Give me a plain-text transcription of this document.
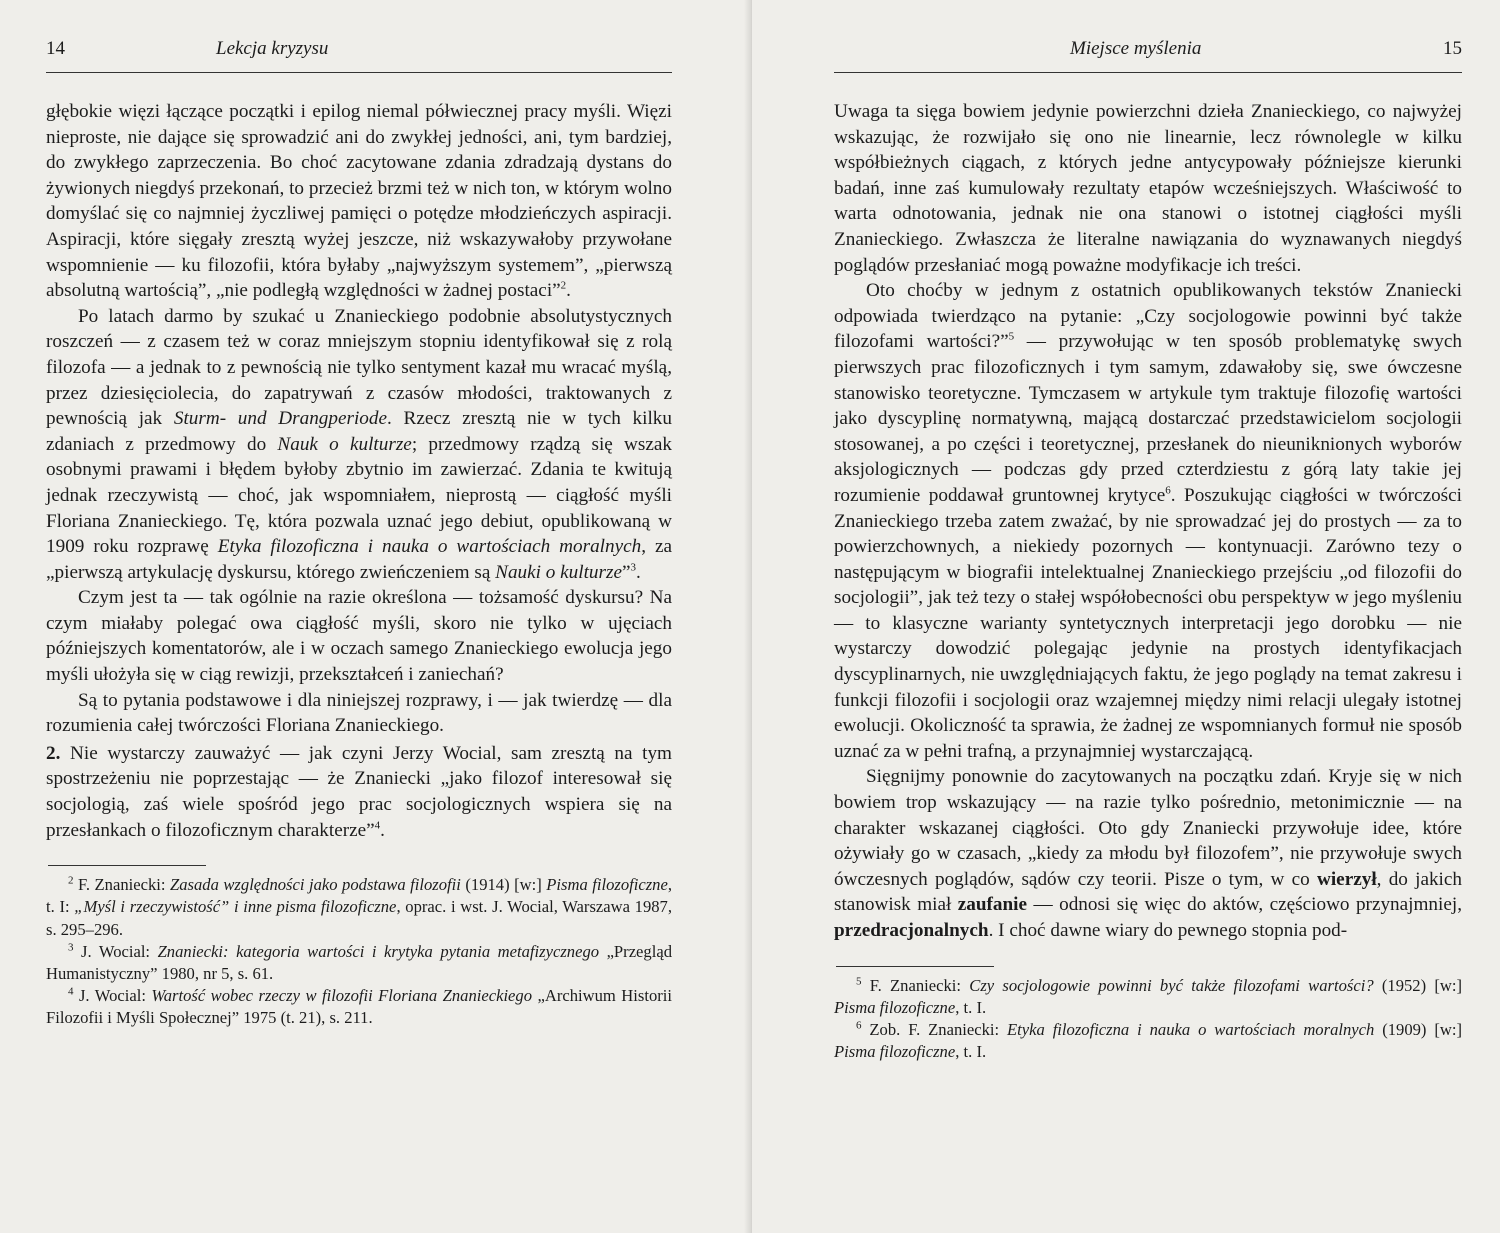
14	Lekcja kryzysu

głębokie więzi łączące początki i epilog niemal półwiecznej pracy myśli. Więzi nieproste, nie dające się sprowadzić ani do zwykłej jedności, ani, tym bardziej, do zwykłego zaprzeczenia. Bo choć zacytowane zdania zdradzają dystans do żywionych niegdyś przekonań, to przecież brzmi też w nich ton, w którym wolno domyślać się co najmniej życzliwej pamięci o potędze młodzieńczych aspiracji. Aspiracji, które sięgały zresztą wyżej jeszcze, niż wskazywałoby przywołane wspomnienie — ku filozofii, która byłaby „najwyższym systemem”, „pierwszą absolutną wartością”, „nie podległą względności w żadnej postaci”$^2$.

Po latach darmo by szukać u Znanieckiego podobnie absolutystycznych roszczeń — z czasem też w coraz mniejszym stopniu identyfikował się z rolą filozofa — a jednak to z pewnością nie tylko sentyment kazał mu wracać myślą, przez dziesięciolecia, do zapatrywań z czasów młodości, traktowanych z pewnością jak Sturm- und Drangperiode. Rzecz zresztą nie w tych kilku zdaniach z przedmowy do Nauk o kulturze; przedmowy rządzą się wszak osobnymi prawami i błędem byłoby zbytnio im zawierzać. Zdania te kwitują jednak rzeczywistą — choć, jak wspomniałem, nieprostą — ciągłość myśli Floriana Znanieckiego. Tę, która pozwala uznać jego debiut, opublikowaną w 1909 roku rozprawę Etyka filozoficzna i nauka o wartościach moralnych, za „pierwszą artykulację dyskursu, którego zwieńczeniem są Nauki o kulturze”$^3$.

Czym jest ta — tak ogólnie na razie określona — tożsamość dyskursu? Na czym miałaby polegać owa ciągłość myśli, skoro nie tylko w ujęciach późniejszych komentatorów, ale i w oczach samego Znanieckiego ewolucja jego myśli ułożyła się w ciąg rewizji, przekształceń i zaniechań?

Są to pytania podstawowe i dla niniejszej rozprawy, i — jak twierdzę — dla rozumienia całej twórczości Floriana Znanieckiego.

2. Nie wystarczy zauważyć — jak czyni Jerzy Wocial, sam zresztą na tym spostrzeżeniu nie poprzestając — że Znaniecki „jako filozof interesował się socjologią, zaś wiele spośród jego prac socjologicznych wspiera się na przesłankach o filozoficznym charakterze”$^4$.

$^2$ F. Znaniecki: Zasada względności jako podstawa filozofii (1914) [w:] Pisma filozoficzne, t. I: „Myśl i rzeczywistość” i inne pisma filozoficzne, oprac. i wst. J. Wocial, Warszawa 1987, s. 295–296.

$^3$ J. Wocial: Znaniecki: kategoria wartości i krytyka pytania metafizycznego „Przegląd Humanistyczny” 1980, nr 5, s. 61.

$^4$ J. Wocial: Wartość wobec rzeczy w filozofii Floriana Znanieckiego „Archiwum Historii Filozofii i Myśli Społecznej” 1975 (t. 21), s. 211.

Miejsce myślenia	15

Uwaga ta sięga bowiem jedynie powierzchni dzieła Znanieckiego, co najwyżej wskazując, że rozwijało się ono nie linearnie, lecz równolegle w kilku współbieżnych ciągach, z których jedne antycypowały późniejsze kierunki badań, inne zaś kumulowały rezultaty etapów wcześniejszych. Właściwość to warta odnotowania, jednak nie ona stanowi o istotnej ciągłości myśli Znanieckiego. Zwłaszcza że literalne nawiązania do wyznawanych niegdyś poglądów przesłaniać mogą poważne modyfikacje ich treści.

Oto choćby w jednym z ostatnich opublikowanych tekstów Znaniecki odpowiada twierdząco na pytanie: „Czy socjologowie powinni być także filozofami wartości?”$^5$ — przywołując w ten sposób problematykę swych pierwszych prac filozoficznych i tym samym, zdawałoby się, swe ówczesne stanowisko teoretyczne. Tymczasem w artykule tym traktuje filozofię wartości jako dyscyplinę normatywną, mającą dostarczać przedstawicielom socjologii stosowanej, a po części i teoretycznej, przesłanek do nieuniknionych wyborów aksjologicznych — podczas gdy przed czterdziestu z górą laty takie jej rozumienie poddawał gruntownej krytyce$^6$. Poszukując ciągłości w twórczości Znanieckiego trzeba zatem zważać, by nie sprowadzać jej do prostych — za to powierzchownych, a niekiedy pozornych — kontynuacji. Zarówno tezy o następującym w biografii intelektualnej Znanieckiego przejściu „od filozofii do socjologii”, jak też tezy o stałej współobecności obu perspektyw w jego myśleniu — to klasyczne warianty syntetycznych interpretacji jego dorobku — nie wystarczy dowodzić polegając jedynie na prostych identyfikacjach dyscyplinarnych, nie uwzględniających faktu, że jego poglądy na temat zakresu i funkcji filozofii i socjologii oraz wzajemnej między nimi relacji ulegały istotnej ewolucji. Okoliczność ta sprawia, że żadnej ze wspomnianych formuł nie sposób uznać za w pełni trafną, a przynajmniej wystarczającą.

Sięgnijmy ponownie do zacytowanych na początku zdań. Kryje się w nich bowiem trop wskazujący — na razie tylko pośrednio, metonimicznie — na charakter wskazanej ciągłości. Oto gdy Znaniecki przywołuje idee, które ożywiały go w czasach, „kiedy za młodu był filozofem”, nie przywołuje swych ówczesnych poglądów, sądów czy teorii. Pisze o tym, w co wierzył, do jakich stanowisk miał zaufanie — odnosi się więc do aktów, częściowo przynajmniej, przedracjonalnych. I choć dawne wiary do pewnego stopnia pod-

$^5$ F. Znaniecki: Czy socjologowie powinni być także filozofami wartości? (1952) [w:] Pisma filozoficzne, t. I.

$^6$ Zob. F. Znaniecki: Etyka filozoficzna i nauka o wartościach moralnych (1909) [w:] Pisma filozoficzne, t. I.
